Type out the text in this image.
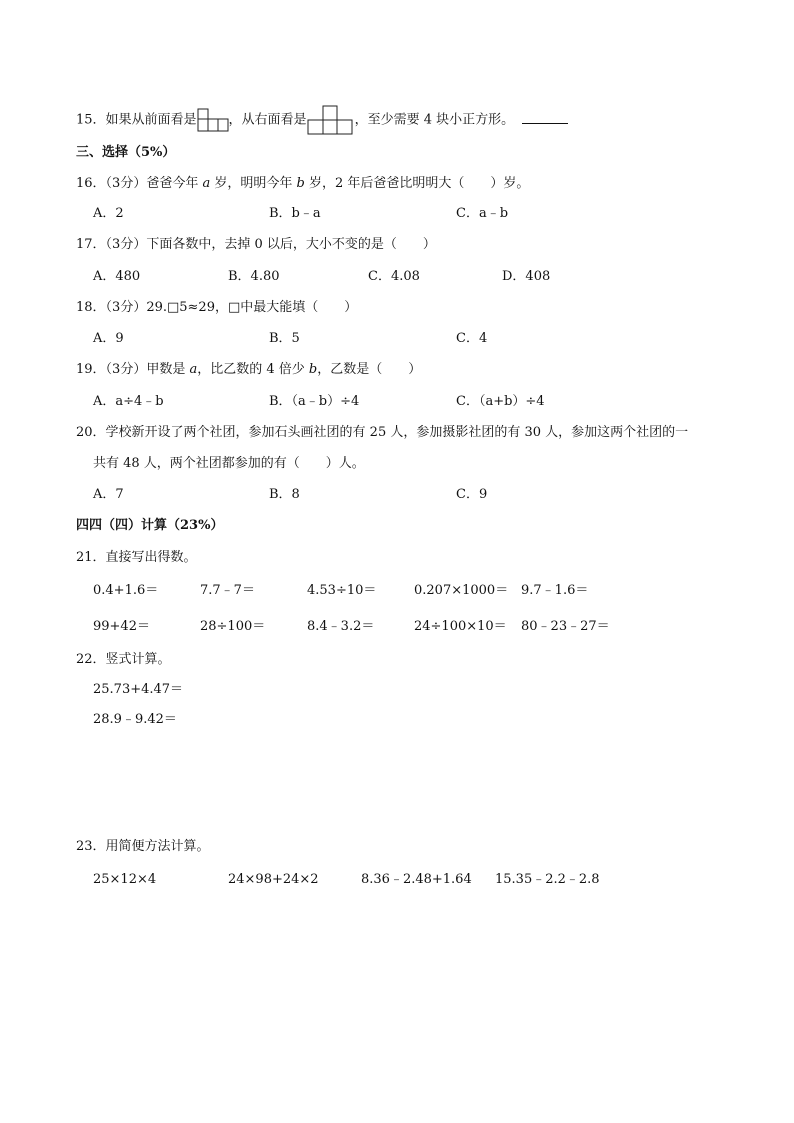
15．如果从前面看是 ，从右面看是	，至少需要 4 块小正方形。
三、选择（5%）
16．（3分）爸爸今年 a 岁，明明今年 b 岁，2 年后爸爸比明明大（　　）岁。
A．2	B．b﹣a	C．a﹣b
17．（3分）下面各数中，去掉 0 以后，大小不变的是（　　）
A．480	B．4.80	C．4.08	D．408
18．（3分）29.□5≈29，□中最大能填（　　）
A．9	B．5	C．4
19．（3分）甲数是 a，比乙数的 4 倍少 b，乙数是（　　）
A．a÷4﹣b	B．（a﹣b）÷4	C．（a+b）÷4
20．学校新开设了两个社团，参加石头画社团的有 25 人，参加摄影社团的有 30 人，参加这两个社团的一
共有 48 人，两个社团都参加的有（　　）人。
A．7	B．8	C．9
四四（四）计算（23%）
21．直接写出得数。
0.4+1.6＝	7.7﹣7＝	4.53÷10＝	0.207×1000＝ 9.7﹣1.6＝
99+42＝	28÷100＝	8.4﹣3.2＝	24÷100×10＝ 80﹣23﹣27＝
22．竖式计算。
25.73+4.47＝
28.9﹣9.42＝
23．用简便方法计算。
25×12×4	24×98+24×2	8.36﹣2.48+1.64 15.35﹣2.2﹣2.8
